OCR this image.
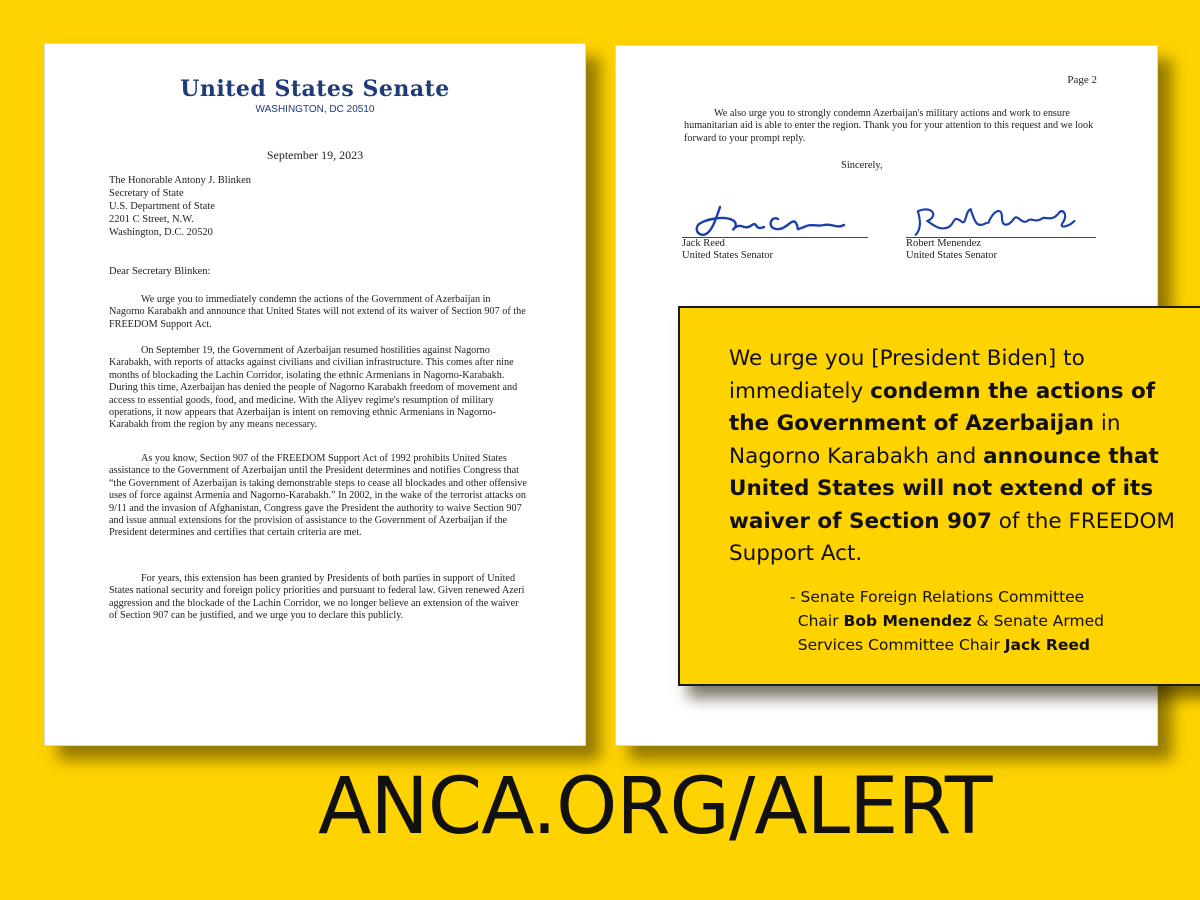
United States Senate
WASHINGTON, DC 20510
September 19, 2023
The Honorable Antony J. Blinken
Secretary of State
U.S. Department of State
2201 C Street, N.W.
Washington, D.C. 20520
Dear Secretary Blinken:

We urge you to immediately condemn the actions of the Government of Azerbaijan in Nagorno Karabakh and announce that United States will not extend of its waiver of Section 907 of the FREEDOM Support Act.

On September 19, the Government of Azerbaijan resumed hostilities against Nagorno Karabakh, with reports of attacks against civilians and civilian infrastructure. This comes after nine months of blockading the Lachin Corridor, isolating the ethnic Armenians in Nagorno-Karabakh. During this time, Azerbaijan has denied the people of Nagorno Karabakh freedom of movement and access to essential goods, food, and medicine. With the Aliyev regime's resumption of military operations, it now appears that Azerbaijan is intent on removing ethnic Armenians in Nagorno-Karabakh from the region by any means necessary.

As you know, Section 907 of the FREEDOM Support Act of 1992 prohibits United States assistance to the Government of Azerbaijan until the President determines and notifies Congress that “the Government of Azerbaijan is taking demonstrable steps to cease all blockades and other offensive uses of force against Armenia and Nagorno-Karabakh.” In 2002, in the wake of the terrorist attacks on 9/11 and the invasion of Afghanistan, Congress gave the President the authority to waive Section 907 and issue annual extensions for the provision of assistance to the Government of Azerbaijan if the President determines and certifies that certain criteria are met.

For years, this extension has been granted by Presidents of both parties in support of United States national security and foreign policy priorities and pursuant to federal law. Given renewed Azeri aggression and the blockade of the Lachin Corridor, we no longer believe an extension of the waiver of Section 907 can be justified, and we urge you to declare this publicly.

Page 2

We also urge you to strongly condemn Azerbaijan's military actions and work to ensure humanitarian aid is able to enter the region. Thank you for your attention to this request and we look forward to your prompt reply.

Sincerely,
Jack Reed
United States Senator
Robert Menendez
United States Senator

We urge you [President Biden] to immediately condemn the actions of the Government of Azerbaijan in Nagorno Karabakh and announce that United States will not extend of its waiver of Section 907 of the FREEDOM Support Act.

- Senate Foreign Relations Committee
 Chair Bob Menendez & Senate Armed
 Services Committee Chair Jack Reed
ANCA.ORG/ALERT
